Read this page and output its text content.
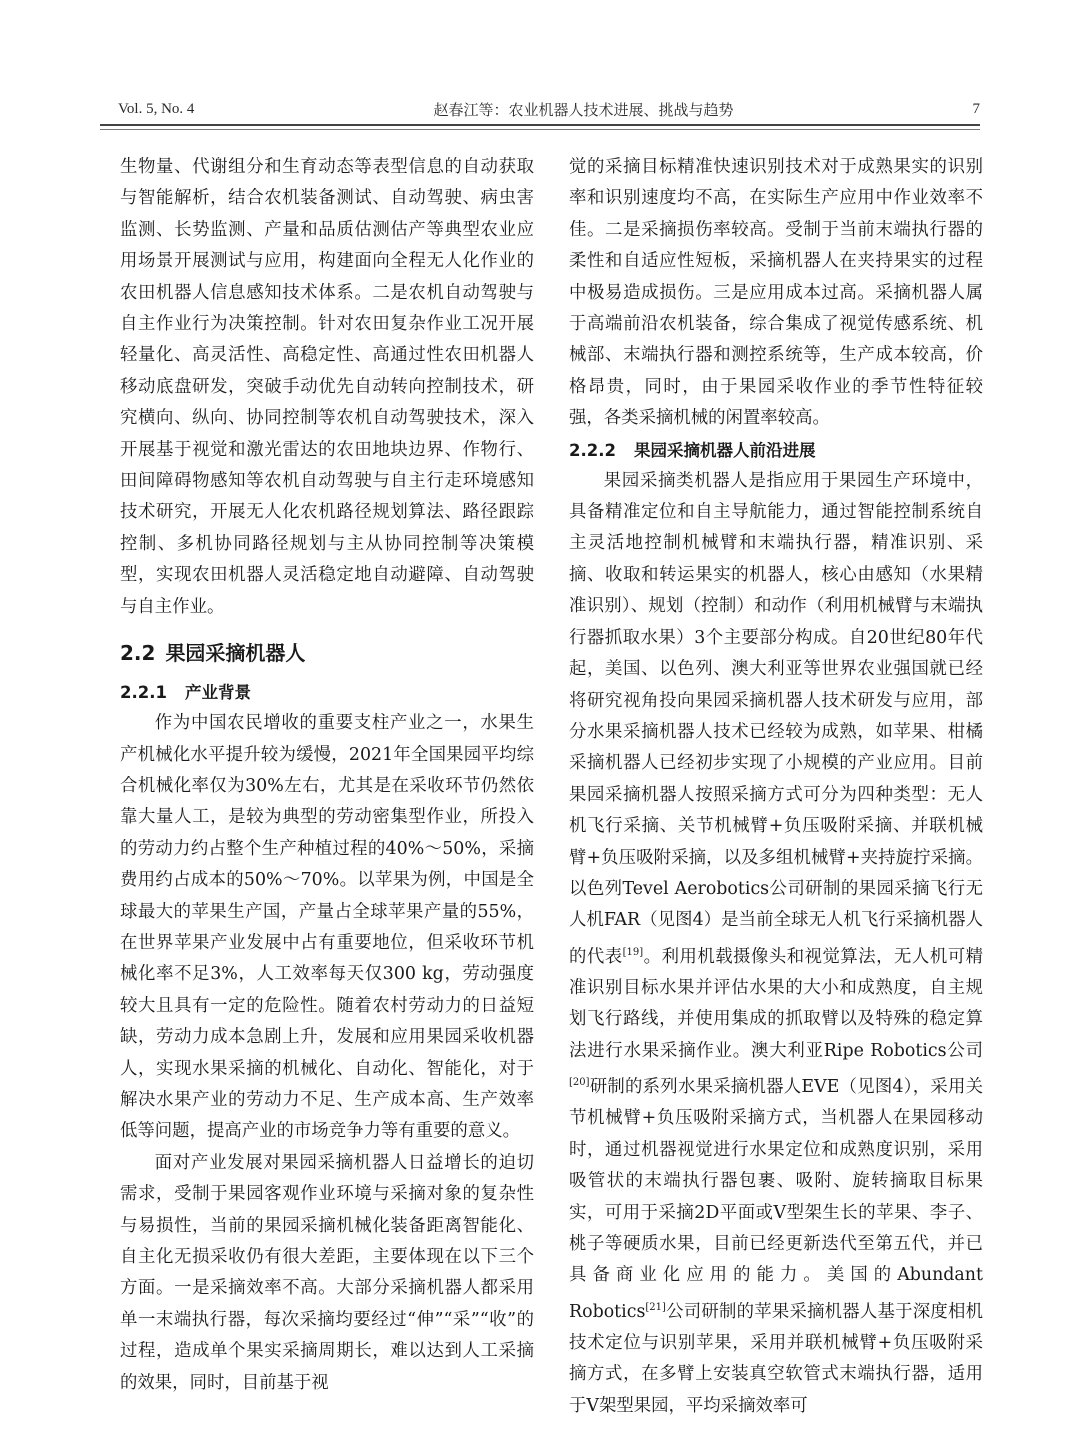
Vol. 5, No. 4	赵春江等：农业机器人技术进展、挑战与趋势	7

生物量、代谢组分和生育动态等表型信息的自动获取与智能解析，结合农机装备测试、自动驾驶、病虫害监测、长势监测、产量和品质估测估产等典型农业应用场景开展测试与应用，构建面向全程无人化作业的农田机器人信息感知技术体系。二是农机自动驾驶与自主作业行为决策控制。针对农田复杂作业工况开展轻量化、高灵活性、高稳定性、高通过性农田机器人移动底盘研发，突破手动优先自动转向控制技术，研究横向、纵向、协同控制等农机自动驾驶技术，深入开展基于视觉和激光雷达的农田地块边界、作物行、田间障碍物感知等农机自动驾驶与自主行走环境感知技术研究，开展无人化农机路径规划算法、路径跟踪控制、多机协同路径规划与主从协同控制等决策模型，实现农田机器人灵活稳定地自动避障、自动驾驶与自主作业。

2.2 果园采摘机器人

2.2.1 产业背景

作为中国农民增收的重要支柱产业之一，水果生产机械化水平提升较为缓慢，2021年全国果园平均综合机械化率仅为30%左右，尤其是在采收环节仍然依靠大量人工，是较为典型的劳动密集型作业，所投入的劳动力约占整个生产种植过程的40%～50%，采摘费用约占成本的50%～70%。以苹果为例，中国是全球最大的苹果生产国，产量占全球苹果产量的55%，在世界苹果产业发展中占有重要地位，但采收环节机械化率不足3%，人工效率每天仅300 kg，劳动强度较大且具有一定的危险性。随着农村劳动力的日益短缺，劳动力成本急剧上升，发展和应用果园采收机器人，实现水果采摘的机械化、自动化、智能化，对于解决水果产业的劳动力不足、生产成本高、生产效率低等问题，提高产业的市场竞争力等有重要的意义。

面对产业发展对果园采摘机器人日益增长的迫切需求，受制于果园客观作业环境与采摘对象的复杂性与易损性，当前的果园采摘机械化装备距离智能化、自主化无损采收仍有很大差距，主要体现在以下三个方面。一是采摘效率不高。大部分采摘机器人都采用单一末端执行器，每次采摘均要经过“伸”“采”“收”的过程，造成单个果实采摘周期长，难以达到人工采摘的效果，同时，目前基于视

觉的采摘目标精准快速识别技术对于成熟果实的识别率和识别速度均不高，在实际生产应用中作业效率不佳。二是采摘损伤率较高。受制于当前末端执行器的柔性和自适应性短板，采摘机器人在夹持果实的过程中极易造成损伤。三是应用成本过高。采摘机器人属于高端前沿农机装备，综合集成了视觉传感系统、机械部、末端执行器和测控系统等，生产成本较高，价格昂贵，同时，由于果园采收作业的季节性特征较强，各类采摘机械的闲置率较高。

2.2.2 果园采摘机器人前沿进展

果园采摘类机器人是指应用于果园生产环境中，具备精准定位和自主导航能力，通过智能控制系统自主灵活地控制机械臂和末端执行器，精准识别、采摘、收取和转运果实的机器人，核心由感知（水果精准识别）、规划（控制）和动作（利用机械臂与末端执行器抓取水果）3个主要部分构成。自20世纪80年代起，美国、以色列、澳大利亚等世界农业强国就已经将研究视角投向果园采摘机器人技术研发与应用，部分水果采摘机器人技术已经较为成熟，如苹果、柑橘采摘机器人已经初步实现了小规模的产业应用。目前果园采摘机器人按照采摘方式可分为四种类型：无人机飞行采摘、关节机械臂+负压吸附采摘、并联机械臂+负压吸附采摘，以及多组机械臂+夹持旋拧采摘。以色列Tevel Aerobotics公司研制的果园采摘飞行无人机FAR（见图4）是当前全球无人机飞行采摘机器人的代表[19]。利用机载摄像头和视觉算法，无人机可精准识别目标水果并评估水果的大小和成熟度，自主规划飞行路线，并使用集成的抓取臂以及特殊的稳定算法进行水果采摘作业。澳大利亚Ripe Robotics公司[20]研制的系列水果采摘机器人EVE（见图4），采用关节机械臂+负压吸附采摘方式，当机器人在果园移动时，通过机器视觉进行水果定位和成熟度识别，采用吸管状的末端执行器包裹、吸附、旋转摘取目标果实，可用于采摘2D平面或V型架生长的苹果、李子、桃子等硬质水果，目前已经更新迭代至第五代，并已具备商业化应用的能力。美国的Abundant Robotics[21]公司研制的苹果采摘机器人基于深度相机技术定位与识别苹果，采用并联机械臂+负压吸附采摘方式，在多臂上安装真空软管式末端执行器，适用于V架型果园，平均采摘效率可
